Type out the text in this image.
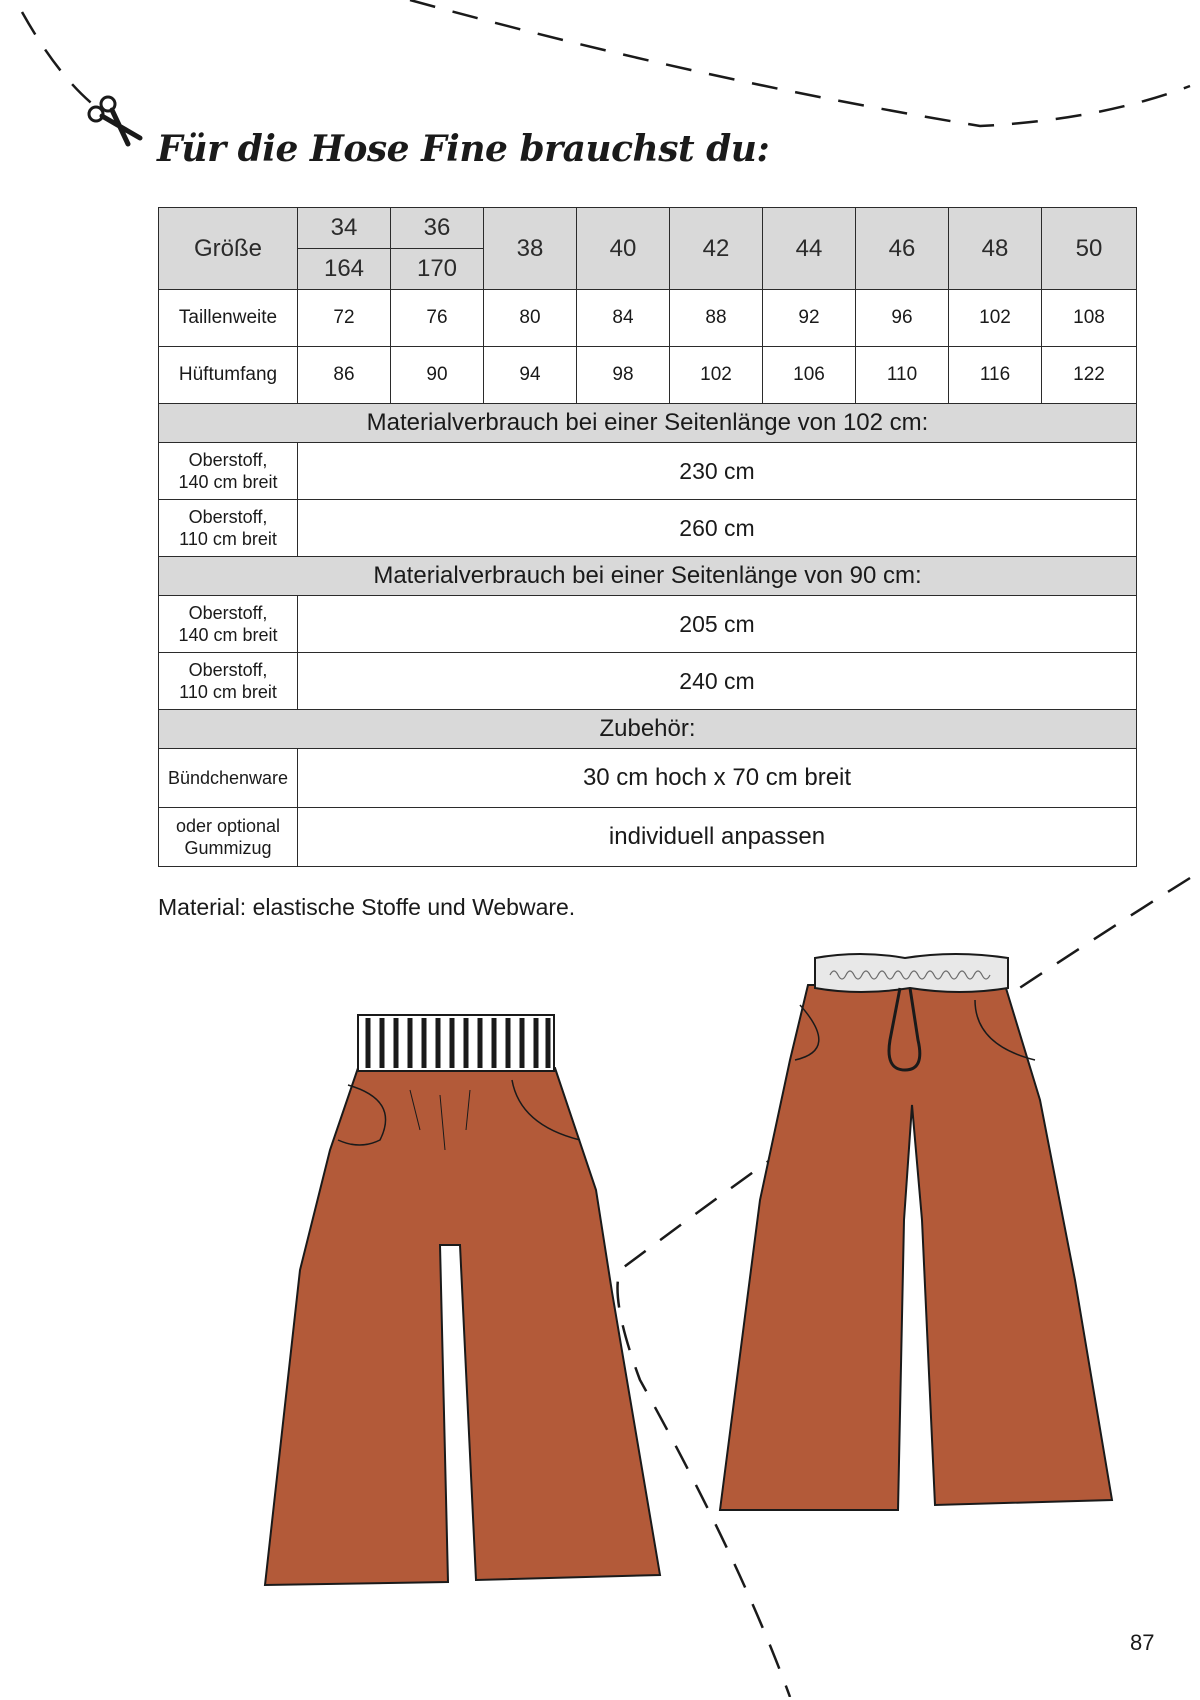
Für die Hose Fine brauchst du:
Größe	34	36	38	40	42	44	46	48	50
	164	170							
Taillenweite	72	76	80	84	88	92	96	102	108
Hüftumfang	86	90	94	98	102	106	110	116	122
Materialverbrauch bei einer Seitenlänge von 102 cm:									
Oberstoff,
140 cm breit	230 cm								
Oberstoff,
110 cm breit	260 cm								
Materialverbrauch bei einer Seitenlänge von 90 cm:									
Oberstoff,
140 cm breit	205 cm								
Oberstoff,
110 cm breit	240 cm								
Zubehör:									
Bündchenware	30 cm hoch x 70 cm breit								
oder optional
Gummizug	individuell anpassen								

Material: elastische Stoffe und Webware.

87
